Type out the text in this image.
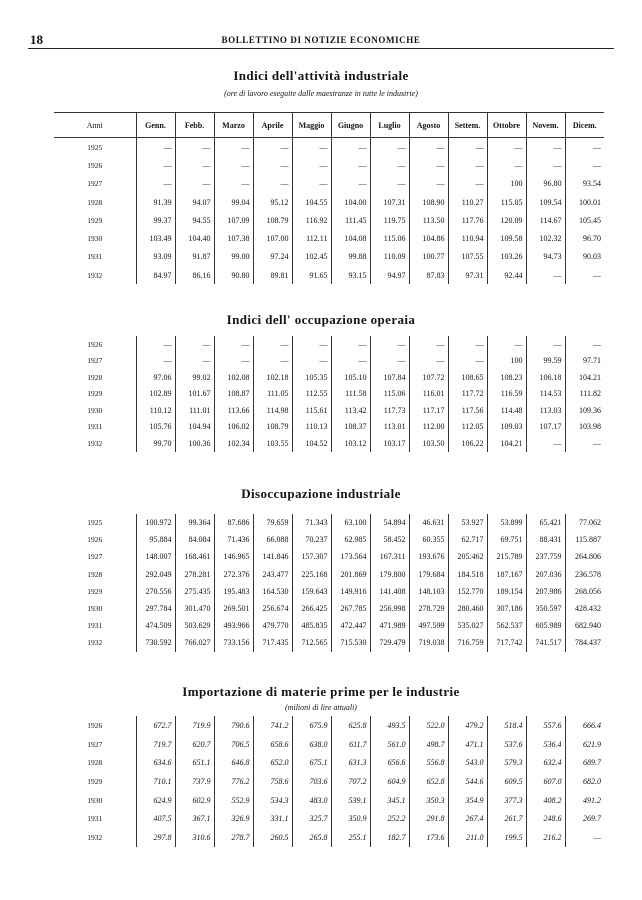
18	BOLLETTINO DI NOTIZIE ECONOMICHE
Indici dell'attività industriale
(ore di lavoro eseguite dalle maestranze in tutte le industrie)
Anni	Genn.	Febb.	Marzo	Aprile	Maggio	Giugno	Luglio	Agosto	Settem.	Ottobre	Novem.	Dicem.
1925	—	—	—	—	—	—	—	—	—	—	—	—
1926	—	—	—	—	—	—	—	—	—	—	—	—
1927	—	—	—	—	—	—	—	—	—	100	96.80	93.54
1928	91.39	94.07	99.04	95.12	104.55	104.00	107.31	108.90	110.27	115.05	109.54	100.01
1929	99.37	94.55	107.09	108.79	116.92	111.45	119.75	113.50	117.76	120.09	114.67	105.45
1930	103.49	104.40	107.38	107.00	112.11	104.08	115.06	104.86	110.94	109.58	102.32	96.70
1931	93.09	91.87	99.00	97.24	102.45	99.88	110.09	100.77	107.55	103.26	94.73	90.03
1932	84.97	86.16	90.80	89.81	91.65	93.15	94.97	87.83	97.31	92.44	—	—
Indici dell' occupazione operaia
1926	—	—	—	—	—	—	—	—	—	—	—	—
1927	—	—	—	—	—	—	—	—	—	100	99.59	97.71
1928	97.06	99.02	102.08	102.18	105.35	105.10	107.84	107.72	108.65	108.23	106.18	104.21
1929	102.89	101.67	108.87	111.05	112.55	111.58	115.06	116.01	117.72	116.59	114.53	111.82
1930	110.12	111.01	113.66	114.98	115.61	113.42	117.73	117.17	117.56	114.48	113.03	109.36
1931	105.76	104.94	106.02	108.79	110.13	108.37	113.01	112.00	112.05	109.03	107.17	103.98
1932	99.70	100.36	102.34	103.55	104.52	103.12	103.17	103.50	106.22	104.21	—	—
Disoccupazione industriale
1925	100.972	99.364	87.686	79.659	71.343	63.100	54.894	46.631	53.927	53.899	65.421	77.062
1926	95.884	84.084	71.436	66.088	70.237	62.985	58.452	60.355	62.717	69.751	88.431	115.887
1927	148.007	168.461	146.965	141.846	157.307	173.564	167.311	193.676	205.462	215.789	237.759	264.806
1928	292.049	278.281	272.376	243.477	225.168	201.869	179.800	179.684	184.518	187.167	207.036	236.578
1929	270.556	275.435	195.483	164.530	159.643	149.916	141.408	148.103	152.770	189.154	207.986	268.056
1930	297.784	301.470	269.501	256.674	266.425	267.785	256.998	278.729	280.460	307.186	350.597	428.432
1931	474.509	503.629	493.966	479.770	485.835	472.447	471.989	497.599	535.027	562.537	605.989	682.940
1932	730.592	766.027	733.156	717.435	712.565	715.530	729.479	719.038	716.759	717.742	741.517	784.437
Importazione di materie prime per le industrie
(milioni di lire attuali)
1926	672.7	719.9	790.6	741.2	675.9	625.8	493.5	522.0	479.2	518.4	557.6	666.4
1927	719.7	620.7	706.5	658.6	638.0	611.7	561.0	498.7	471.1	537.6	536.4	621.9
1928	634.6	651.1	646.8	652.0	675.1	631.3	656.6	556.8	543.0	579.3	632.4	689.7
1929	710.1	737.9	776.2	758.6	703.6	707.2	604.9	652.8	544.6	609.5	607.0	682.0
1930	624.9	602.9	552.9	534.3	483.0	539.1	345.1	350.3	354.9	377.3	408.2	491.2
1931	407.5	367.1	326.9	331.1	325.7	350.9	252.2	291.8	267.4	261.7	248.6	269.7
1932	297.8	310.6	278.7	260.5	265.8	255.1	182.7	173.6	211.0	199.5	216.2	—
